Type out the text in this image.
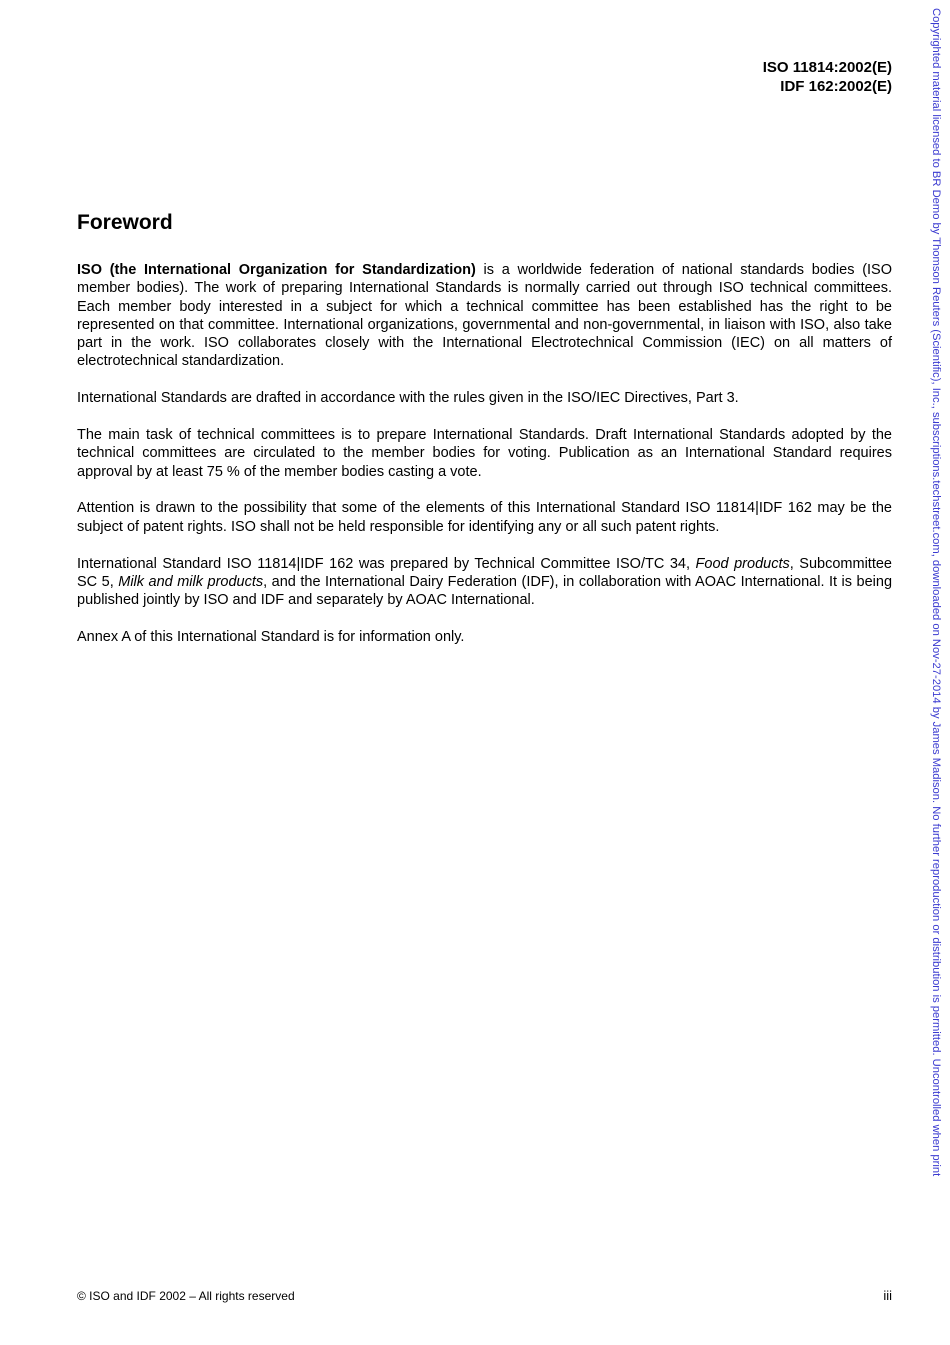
ISO 11814:2002(E)
IDF 162:2002(E)
Foreword

ISO (the International Organization for Standardization) is a worldwide federation of national standards bodies (ISO member bodies). The work of preparing International Standards is normally carried out through ISO technical committees. Each member body interested in a subject for which a technical committee has been established has the right to be represented on that committee. International organizations, governmental and non-governmental, in liaison with ISO, also take part in the work. ISO collaborates closely with the International Electrotechnical Commission (IEC) on all matters of electrotechnical standardization.

International Standards are drafted in accordance with the rules given in the ISO/IEC Directives, Part 3.

The main task of technical committees is to prepare International Standards. Draft International Standards adopted by the technical committees are circulated to the member bodies for voting. Publication as an International Standard requires approval by at least 75 % of the member bodies casting a vote.

Attention is drawn to the possibility that some of the elements of this International Standard ISO 11814|IDF 162 may be the subject of patent rights. ISO shall not be held responsible for identifying any or all such patent rights.

International Standard ISO 11814|IDF 162 was prepared by Technical Committee ISO/TC 34, Food products, Subcommittee SC 5, Milk and milk products, and the International Dairy Federation (IDF), in collaboration with AOAC International. It is being published jointly by ISO and IDF and separately by AOAC International.

Annex A of this International Standard is for information only.

© ISO and IDF 2002 – All rights reserved	iii
Copyrighted material licensed to BR Demo by Thomson Reuters (Scientific), Inc., subscriptions.techstreet.com, downloaded on Nov-27-2014 by James Madison. No further reproduction or distribution is permitted. Uncontrolled when print
